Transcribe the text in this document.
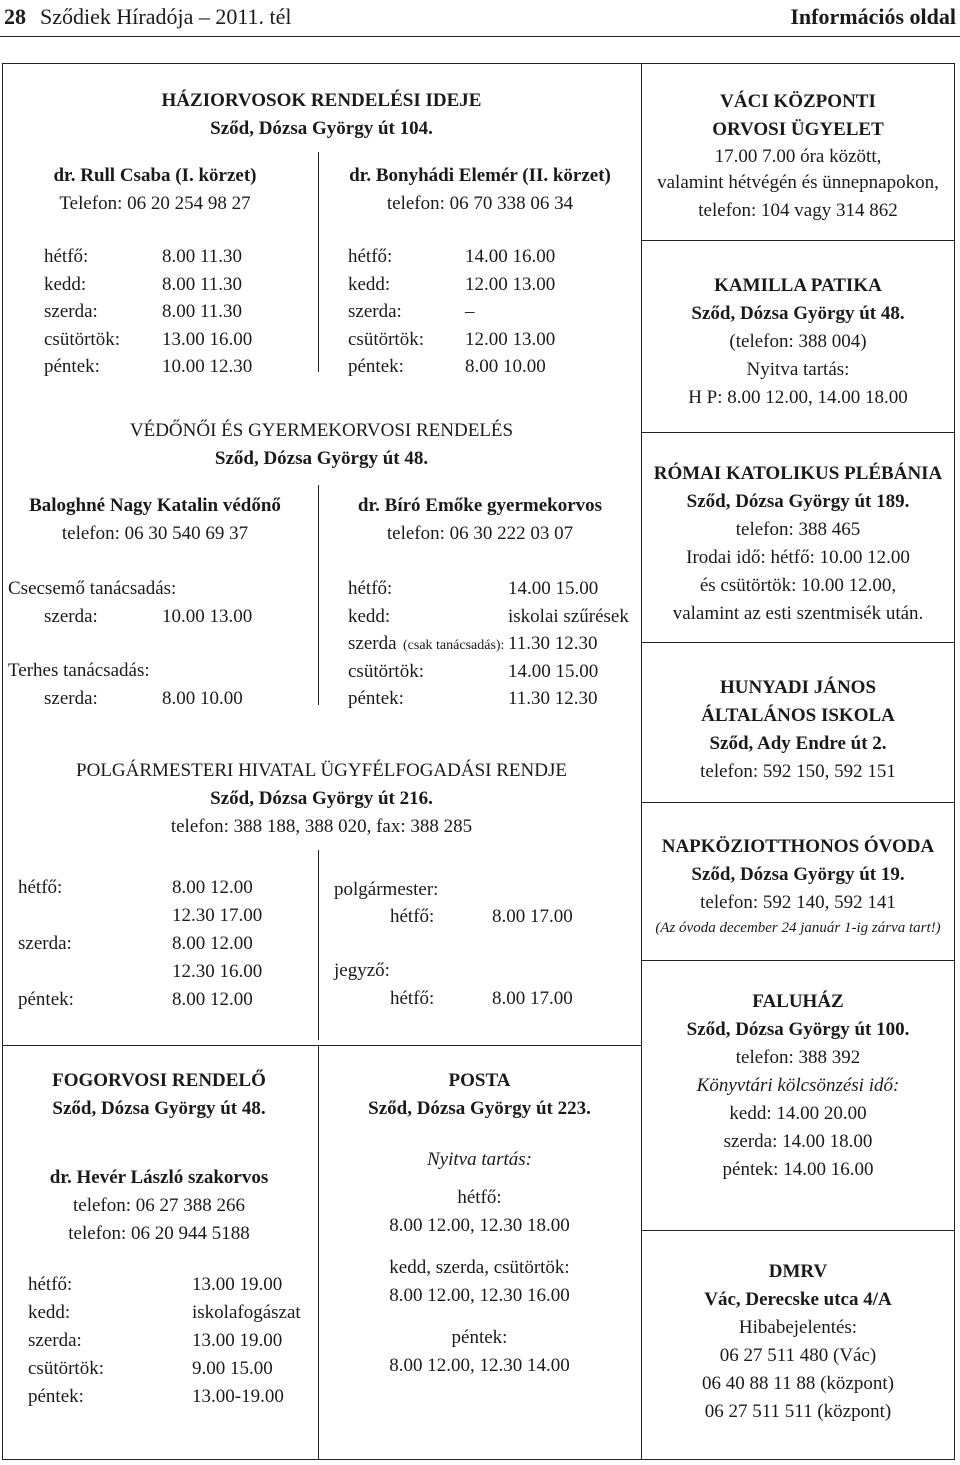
28 Sződiek Híradója – 2011. tél	Információs oldal
HÁZIORVOSOK RENDELÉSI IDEJE
Sződ, Dózsa György út 104.
dr. Rull Csaba (I. körzet)
Telefon: 06 20 254 98 27
dr. Bonyhádi Elemér (II. körzet)
telefon: 06 70 338 06 34
hétfő:	8.00 11.30
kedd:	8.00 11.30
szerda:	8.00 11.30
csütörtök: 13.00 16.00
péntek:	10.00 12.30
hétfő:	14.00 16.00
kedd:	12.00 13.00
szerda:	–
csütörtök: 12.00 13.00
péntek:	8.00 10.00
VÉDŐNŐI ÉS GYERMEKORVOSI RENDELÉS
Sződ, Dózsa György út 48.
Baloghné Nagy Katalin védőnő
telefon: 06 30 540 69 37
Csecsemő tanácsadás:
szerda:	10.00 13.00
Terhes tanácsadás:
szerda:	8.00 10.00
dr. Bíró Emőke gyermekorvos
telefon: 06 30 222 03 07
hétfő:	14.00 15.00
kedd:	iskolai szűrések
szerda (csak tanácsadás): 11.30 12.30
csütörtök:	14.00 15.00
péntek:	11.30 12.30
POLGÁRMESTERI HIVATAL ÜGYFÉLFOGADÁSI RENDJE
Sződ, Dózsa György út 216.
telefon: 388 188, 388 020, fax: 388 285
hétfő:	8.00 12.00
12.30 17.00
szerda:	8.00 12.00
12.30 16.00
péntek:	8.00 12.00
polgármester:
hétfő:	8.00 17.00
jegyző:
hétfő:	8.00 17.00
FOGORVOSI RENDELŐ
Sződ, Dózsa György út 48.
dr. Hevér László szakorvos
telefon: 06 27 388 266
telefon: 06 20 944 5188
hétfő:	13.00 19.00
kedd:	iskolafogászat
szerda:	13.00 19.00
csütörtök:	9.00 15.00
péntek:	13.00-19.00
POSTA
Sződ, Dózsa György út 223.
Nyitva tartás:
hétfő:
8.00 12.00, 12.30 18.00
kedd, szerda, csütörtök:
8.00 12.00, 12.30 16.00
péntek:
8.00 12.00, 12.30 14.00
VÁCI KÖZPONTI
ORVOSI ÜGYELET
17.00 7.00 óra között,
valamint hétvégén és ünnepnapokon,
telefon: 104 vagy 314 862
KAMILLA PATIKA
Sződ, Dózsa György út 48.
(telefon: 388 004)
Nyitva tartás:
H P: 8.00 12.00, 14.00 18.00
RÓMAI KATOLIKUS PLÉBÁNIA
Sződ, Dózsa György út 189.
telefon: 388 465
Irodai idő: hétfő: 10.00 12.00
és csütörtök: 10.00 12.00,
valamint az esti szentmisék után.
HUNYADI JÁNOS
ÁLTALÁNOS ISKOLA
Sződ, Ady Endre út 2.
telefon: 592 150, 592 151
NAPKÖZIOTTHONOS ÓVODA
Sződ, Dózsa György út 19.
telefon: 592 140, 592 141
(Az óvoda december 24 január 1-ig zárva tart!)
FALUHÁZ
Sződ, Dózsa György út 100.
telefon: 388 392
Könyvtári kölcsönzési idő:
kedd: 14.00 20.00
szerda: 14.00 18.00
péntek: 14.00 16.00
DMRV
Vác, Derecske utca 4/A
Hibabejelentés:
06 27 511 480 (Vác)
06 40 88 11 88 (központ)
06 27 511 511 (központ)
